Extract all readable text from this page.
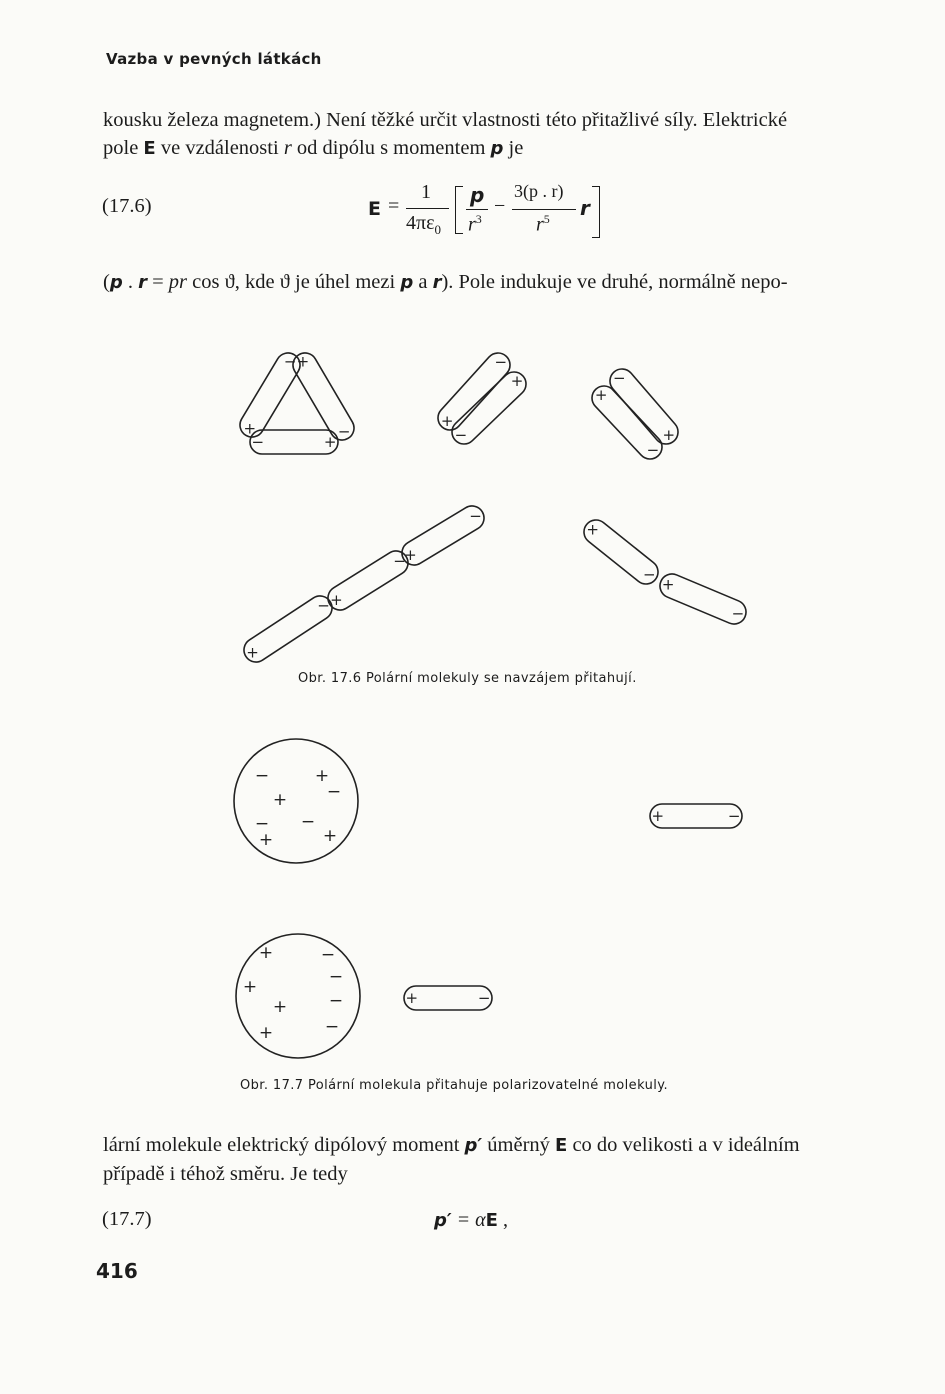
Vazba v pevných látkách
kousku železa magnetem.) Není těžké určit vlastnosti této přitažlivé síly. Elektrické
pole E ve vzdálenosti r od dipólu s momentem p je
(17.6)	E =
1
$4\pi\varepsilon_0$
p
$r^3$
−
3(p . r)
$r^5$ r
(p . r = pr cos ϑ, kde ϑ je úhel mezi p a r). Pole indukuje ve druhé, normálně nepo-
−
+
+
−
−	+
+
−
−
+
+
−
−
+
+
− +
−
+
−
+
−
+
−
−	+
−
+
− −
+	+
+	−
+	−
−
+
+ −
+	−
+	−
Obr. 17.6 Polární molekuly se navzájem přitahují.
Obr. 17.7 Polární molekula přitahuje polarizovatelné molekuly.
lární molekule elektrický dipólový moment p′ úměrný E co do velikosti a v ideálním
případě i téhož směru. Je tedy
(17.7)	p′ = αE ,
416
